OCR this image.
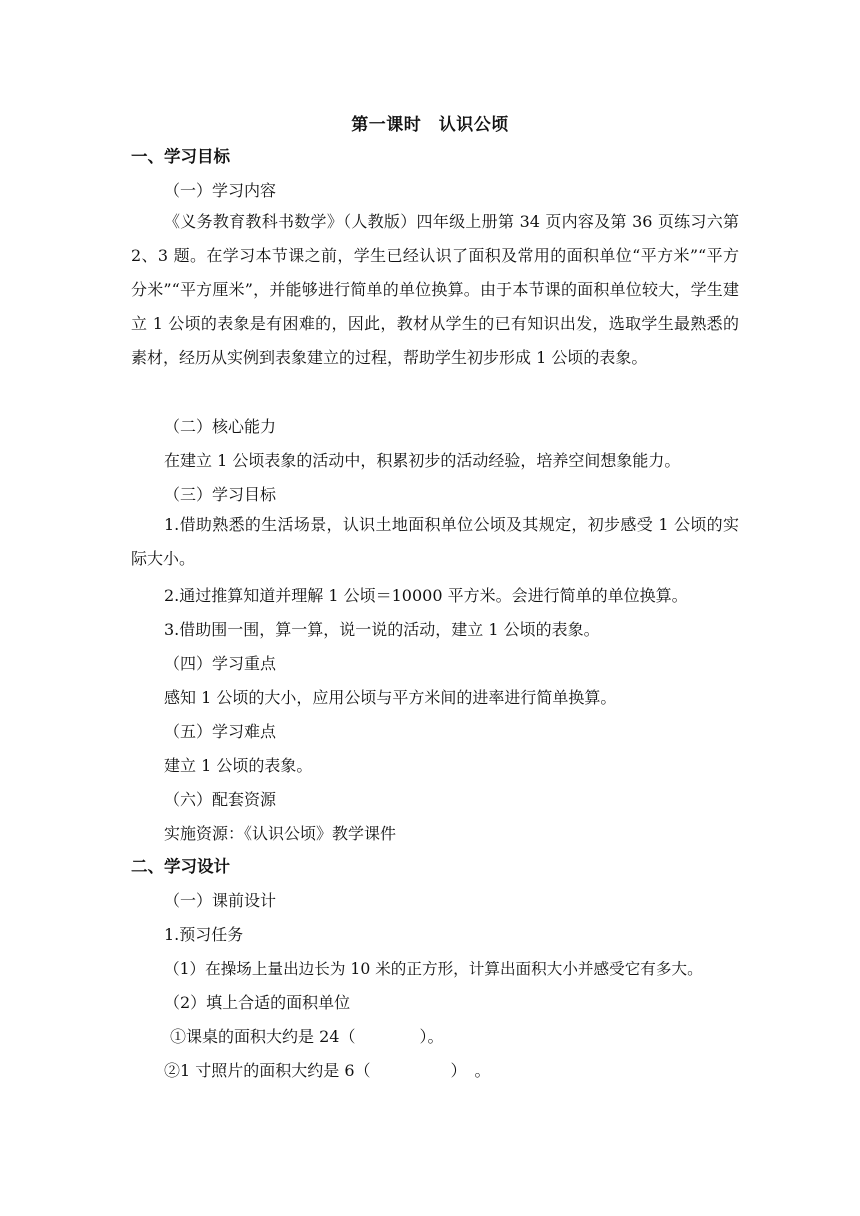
第一课时　认识公顷
一、学习目标
（一）学习内容
《义务教育教科书数学》（人教版）四年级上册第 34 页内容及第 36 页练习六第 2、3 题。在学习本节课之前，学生已经认识了面积及常用的面积单位“平方米”“平方分米”“平方厘米”，并能够进行简单的单位换算。由于本节课的面积单位较大，学生建立 1 公顷的表象是有困难的，因此，教材从学生的已有知识出发，选取学生最熟悉的素材，经历从实例到表象建立的过程，帮助学生初步形成 1 公顷的表象。
（二）核心能力
在建立 1 公顷表象的活动中，积累初步的活动经验，培养空间想象能力。
（三）学习目标
1.借助熟悉的生活场景，认识土地面积单位公顷及其规定，初步感受 1 公顷的实际大小。
2.通过推算知道并理解 1 公顷＝10000 平方米。会进行简单的单位换算。
3.借助围一围，算一算，说一说的活动，建立 1 公顷的表象。
（四）学习重点
感知 1 公顷的大小，应用公顷与平方米间的进率进行简单换算。
（五）学习难点
建立 1 公顷的表象。
（六）配套资源
实施资源：《认识公顷》教学课件
二、学习设计
（一）课前设计
1.预习任务
（1）在操场上量出边长为 10 米的正方形，计算出面积大小并感受它有多大。
（2）填上合适的面积单位
①课桌的面积大约是 24（　　　　）。
②1 寸照片的面积大约是 6（　　　　　）　。
